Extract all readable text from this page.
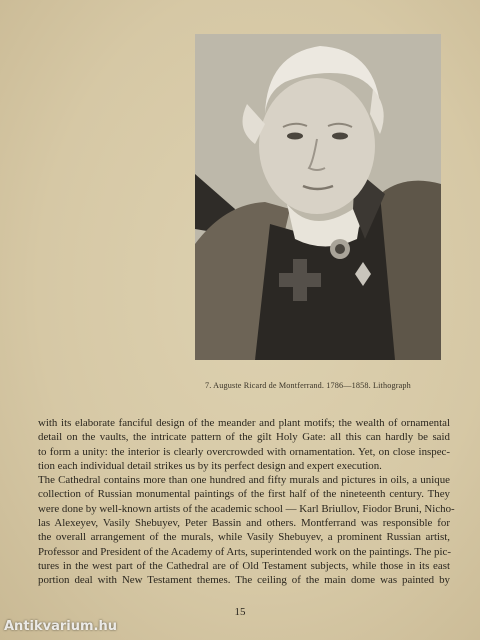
7. Auguste Ricard de Montferrand. 1786—1858. Lithograph
with its elaborate fanciful design of the meander and plant motifs; the wealth of ornamental
detail on the vaults, the intricate pattern of the gilt Holy Gate: all this can hardly be said
to form a unity: the interior is clearly overcrowded with ornamentation. Yet, on close inspec-
tion each individual detail strikes us by its perfect design and expert execution.
The Cathedral contains more than one hundred and fifty murals and pictures in oils, a unique
collection of Russian monumental paintings of the first half of the nineteenth century. They
were done by well-known artists of the academic school — Karl Briullov, Fiodor Bruni, Nicho-
las Alexeyev, Vasily Shebuyev, Peter Bassin and others. Montferrand was responsible for
the overall arrangement of the murals, while Vasily Shebuyev, a prominent Russian artist,
Professor and President of the Academy of Arts, superintended work on the paintings. The pic-
tures in the west part of the Cathedral are of Old Testament subjects, while those in its east
portion deal with New Testament themes. The ceiling of the main dome was painted by
15
Antikvarium.hu
